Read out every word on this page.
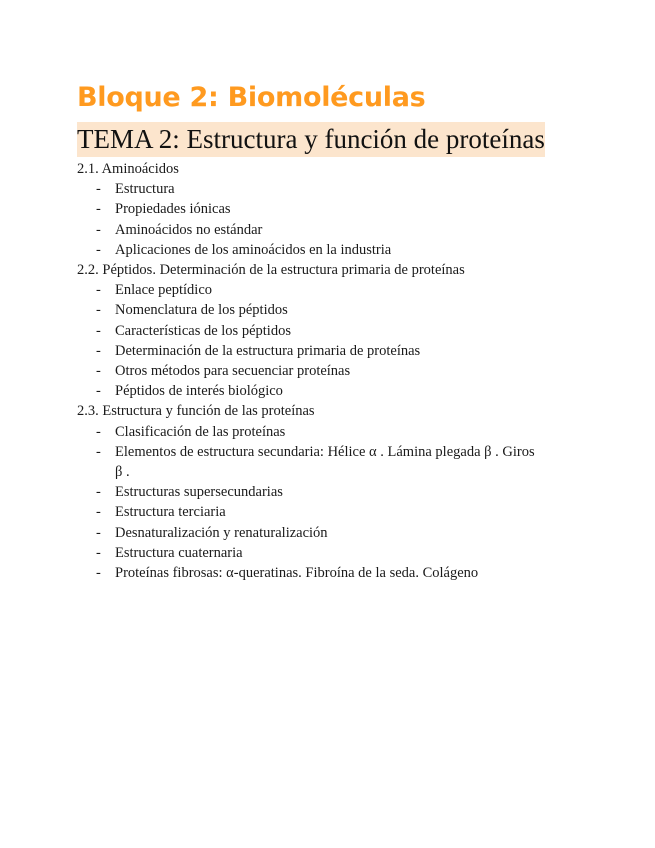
Bloque 2: Biomoléculas
TEMA 2: Estructura y función de proteínas

2.1. Aminoácidos

- Estructura
- Propiedades iónicas
- Aminoácidos no estándar
- Aplicaciones de los aminoácidos en la industria

2.2. Péptidos. Determinación de la estructura primaria de proteínas

- Enlace peptídico
- Nomenclatura de los péptidos
- Características de los péptidos
- Determinación de la estructura primaria de proteínas
- Otros métodos para secuenciar proteínas
- Péptidos de interés biológico

2.3. Estructura y función de las proteínas

- Clasificación de las proteínas
- Elementos de estructura secundaria: Hélice α . Lámina plegada β . Giros β .
- Estructuras supersecundarias
- Estructura terciaria
- Desnaturalización y renaturalización
- Estructura cuaternaria
- Proteínas fibrosas: α-queratinas. Fibroína de la seda. Colágeno
